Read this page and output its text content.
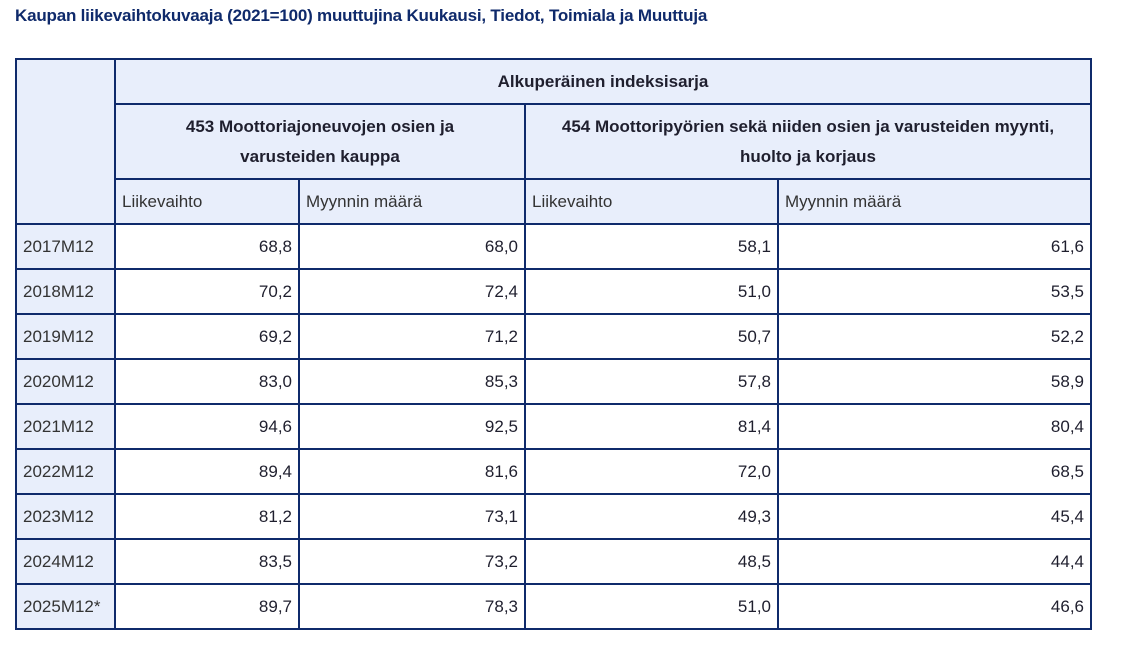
Kaupan liikevaihtokuvaaja (2021=100) muuttujina Kuukausi, Tiedot, Toimiala ja Muuttuja
	Alkuperäinen indeksisarja			
	453 Moottoriajoneuvojen osien ja
varusteiden kauppa		454 Moottoripyörien sekä niiden osien ja varusteiden myynti,
huolto ja korjaus	
	Liikevaihto	Myynnin määrä	Liikevaihto	Myynnin määrä
2017M12	68,8	68,0	58,1	61,6
2018M12	70,2	72,4	51,0	53,5
2019M12	69,2	71,2	50,7	52,2
2020M12	83,0	85,3	57,8	58,9
2021M12	94,6	92,5	81,4	80,4
2022M12	89,4	81,6	72,0	68,5
2023M12	81,2	73,1	49,3	45,4
2024M12	83,5	73,2	48,5	44,4
2025M12*	89,7	78,3	51,0	46,6
